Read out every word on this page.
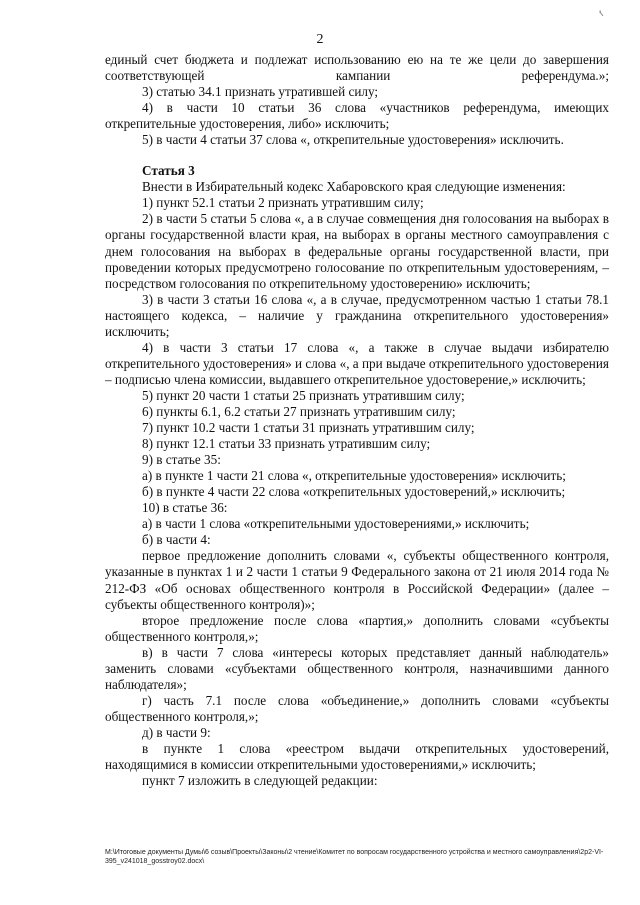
'
2

единый счет бюджета и подлежат использованию ею на те же цели до завершения соответствующей кампании референдума.»;

3) статью 34.1 признать утратившей силу;

4) в части 10 статьи 36 слова «участников референдума, имеющих открепительные удостоверения, либо» исключить;

5) в части 4 статьи 37 слова «, открепительные удостоверения» исключить.

Статья 3

Внести в Избирательный кодекс Хабаровского края следующие изменения:

1) пункт 52.1 статьи 2 признать утратившим силу;

2) в части 5 статьи 5 слова «, а в случае совмещения дня голосования на выборах в органы государственной власти края, на выборах в органы местного самоуправления с днем голосования на выборах в федеральные органы государственной власти, при проведении которых предусмотрено голосование по открепительным удостоверениям, – посредством голосования по открепительному удостоверению» исключить;

3) в части 3 статьи 16 слова «, а в случае, предусмотренном частью 1 статьи 78.1 настоящего кодекса, – наличие у гражданина открепительного удостоверения» исключить;

4) в части 3 статьи 17 слова «, а также в случае выдачи избирателю открепительного удостоверения» и слова «, а при выдаче открепительного удостоверения – подписью члена комиссии, выдавшего открепительное удостоверение,» исключить;

5) пункт 20 части 1 статьи 25 признать утратившим силу;

6) пункты 6.1, 6.2 статьи 27 признать утратившим силу;

7) пункт 10.2 части 1 статьи 31 признать утратившим силу;

8) пункт 12.1 статьи 33 признать утратившим силу;

9) в статье 35:

а) в пункте 1 части 21 слова «, открепительные удостоверения» исключить;

б) в пункте 4 части 22 слова «открепительных удостоверений,» исключить;

10) в статье 36:

а) в части 1 слова «открепительными удостоверениями,» исключить;

б) в части 4:

первое предложение дополнить словами «, субъекты общественного контроля, указанные в пунктах 1 и 2 части 1 статьи 9 Федерального закона от 21 июля 2014 года № 212-ФЗ «Об основах общественного контроля в Российской Федерации» (далее – субъекты общественного контроля)»;

второе предложение после слова «партия,» дополнить словами «субъекты общественного контроля,»;

в) в части 7 слова «интересы которых представляет данный наблюдатель» заменить словами «субъектами общественного контроля, назначившими данного наблюдателя»;

г) часть 7.1 после слова «объединение,» дополнить словами «субъекты общественного контроля,»;

д) в части 9:

в пункте 1 слова «реестром выдачи открепительных удостоверений, находящимися в комиссии открепительными удостоверениями,» исключить;

пункт 7 изложить в следующей редакции:

M:\Итоговые документы Думы\6 созыв\Проекты\Законы\2 чтение\Комитет по вопросам государственного устройства и местного самоуправления\2р2-VI-395_v241018_gosstroy02.docx\
